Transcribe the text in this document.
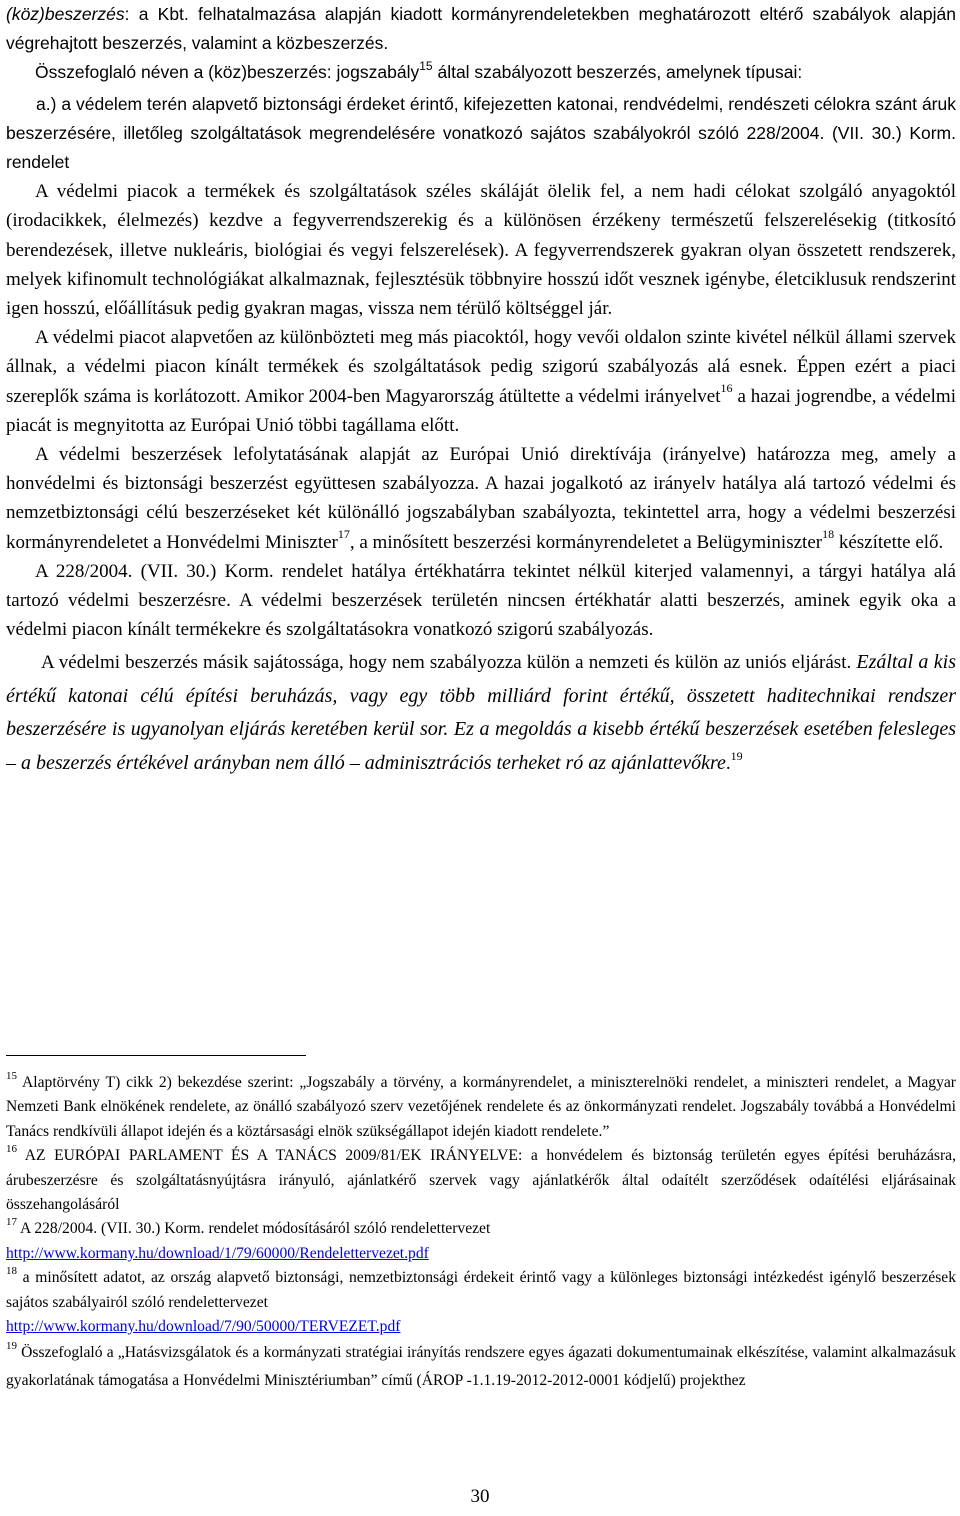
(köz)beszerzés: a Kbt. felhatalmazása alapján kiadott kormányrendeletekben meghatározott eltérő szabályok alapján végrehajtott beszerzés, valamint a közbeszerzés.

Összefoglaló néven a (köz)beszerzés: jogszabály$^{15}$ által szabályozott beszerzés, amelynek típusai:

a.) a védelem terén alapvető biztonsági érdeket érintő, kifejezetten katonai, rendvédelmi, rendészeti célokra szánt áruk beszerzésére, illetőleg szolgáltatások megrendelésére vonatkozó sajátos szabályokról szóló 228/2004. (VII. 30.) Korm. rendelet

A védelmi piacok a termékek és szolgáltatások széles skáláját ölelik fel, a nem hadi célokat szolgáló anyagoktól (irodacikkek, élelmezés) kezdve a fegyverrendszerekig és a különösen érzékeny természetű felszerelésekig (titkosító berendezések, illetve nukleáris, biológiai és vegyi felszerelések). A fegyverrendszerek gyakran olyan összetett rendszerek, melyek kifinomult technológiákat alkalmaznak, fejlesztésük többnyire hosszú időt vesznek igénybe, életciklusuk rendszerint igen hosszú, előállításuk pedig gyakran magas, vissza nem térülő költséggel jár.

A védelmi piacot alapvetően az különbözteti meg más piacoktól, hogy vevői oldalon szinte kivétel nélkül állami szervek állnak, a védelmi piacon kínált termékek és szolgáltatások pedig szigorú szabályozás alá esnek. Éppen ezért a piaci szereplők száma is korlátozott. Amikor 2004-ben Magyarország átültette a védelmi irányelvet$^{16}$ a hazai jogrendbe, a védelmi piacát is megnyitotta az Európai Unió többi tagállama előtt.

A védelmi beszerzések lefolytatásának alapját az Európai Unió direktívája (irányelve) határozza meg, amely a honvédelmi és biztonsági beszerzést együttesen szabályozza. A hazai jogalkotó az irányelv hatálya alá tartozó védelmi és nemzetbiztonsági célú beszerzéseket két különálló jogszabályban szabályozta, tekintettel arra, hogy a védelmi beszerzési kormányrendeletet a Honvédelmi Miniszter$^{17}$, a minősített beszerzési kormányrendeletet a Belügyminiszter$^{18}$ készítette elő.

A 228/2004. (VII. 30.) Korm. rendelet hatálya értékhatárra tekintet nélkül kiterjed valamennyi, a tárgyi hatálya alá tartozó védelmi beszerzésre. A védelmi beszerzések területén nincsen értékhatár alatti beszerzés, aminek egyik oka a védelmi piacon kínált termékekre és szolgáltatásokra vonatkozó szigorú szabályozás.

A védelmi beszerzés másik sajátossága, hogy nem szabályozza külön a nemzeti és külön az uniós eljárást. Ezáltal a kis értékű katonai célú építési beruházás, vagy egy több milliárd forint értékű, összetett haditechnikai rendszer beszerzésére is ugyanolyan eljárás keretében kerül sor. Ez a megoldás a kisebb értékű beszerzések esetében felesleges – a beszerzés értékével arányban nem álló – adminisztrációs terheket ró az ajánlattevőkre.$^{19}$

$^{15}$ Alaptörvény T) cikk 2) bekezdése szerint: „Jogszabály a törvény, a kormányrendelet, a miniszterelnöki rendelet, a miniszteri rendelet, a Magyar Nemzeti Bank elnökének rendelete, az önálló szabályozó szerv vezetőjének rendelete és az önkormányzati rendelet. Jogszabály továbbá a Honvédelmi Tanács rendkívüli állapot idején és a köztársasági elnök szükségállapot idején kiadott rendelete.”

$^{16}$ AZ EURÓPAI PARLAMENT ÉS A TANÁCS 2009/81/EK IRÁNYELVE: a honvédelem és biztonság területén egyes építési beruházásra, árubeszerzésre és szolgáltatásnyújtásra irányuló, ajánlatkérő szervek vagy ajánlatkérők által odaítélt szerződések odaítélési eljárásainak összehangolásáról

$^{17}$ A 228/2004. (VII. 30.) Korm. rendelet módosításáról szóló rendelettervezet
http://www.kormany.hu/download/1/79/60000/Rendelettervezet.pdf

$^{18}$ a minősített adatot, az ország alapvető biztonsági, nemzetbiztonsági érdekeit érintő vagy a különleges biztonsági intézkedést igénylő beszerzések sajátos szabályairól szóló rendelettervezet
http://www.kormany.hu/download/7/90/50000/TERVEZET.pdf

$^{19}$ Összefoglaló a „Hatásvizsgálatok és a kormányzati stratégiai irányítás rendszere egyes ágazati dokumentumainak elkészítése, valamint alkalmazásuk gyakorlatának támogatása a Honvédelmi Minisztériumban” című (ÁROP -1.1.19-2012-2012-0001 kódjelű) projekthez

30
